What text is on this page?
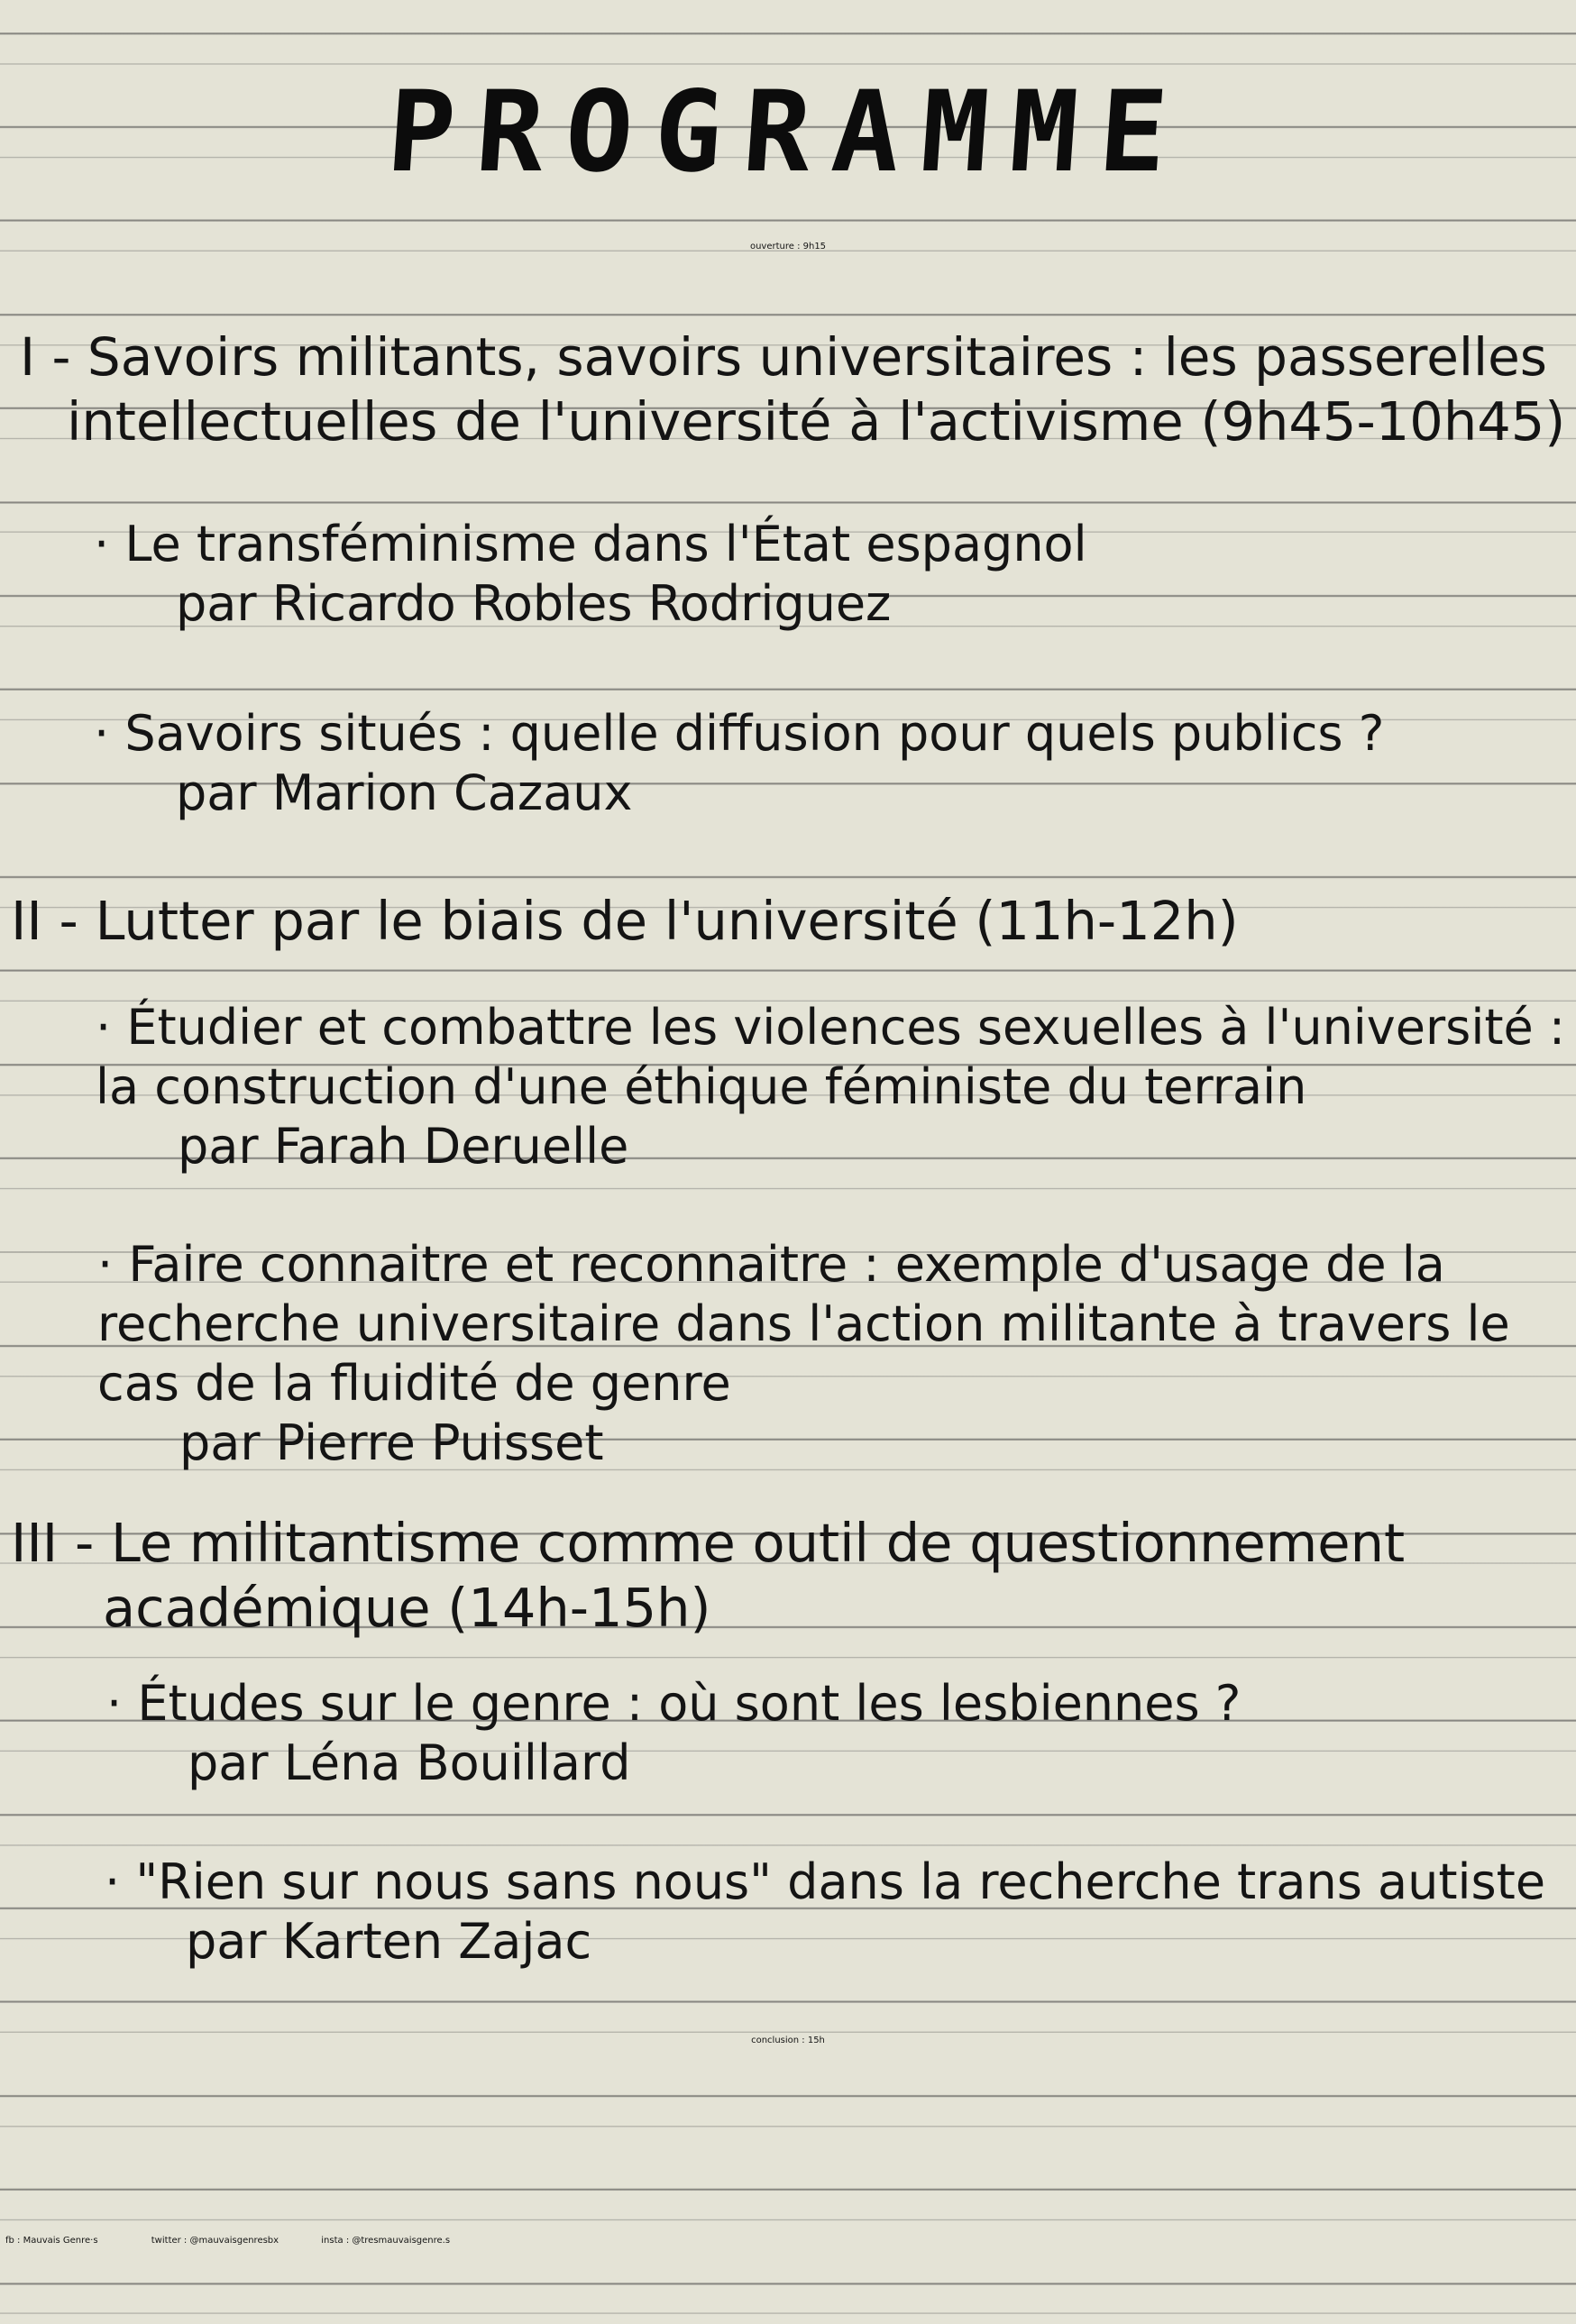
PROGRAMME
ouverture : 9h15
I - Savoirs militants, savoirs universitaires : les passerelles
intellectuelles de l'université à l'activisme (9h45-10h45)
· Le transféminisme dans l'État espagnol
par Ricardo Robles Rodriguez
· Savoirs situés : quelle diffusion pour quels publics ?
par Marion Cazaux
II - Lutter par le biais de l'université (11h-12h)
· Étudier et combattre les violences sexuelles à l'université :
la construction d'une éthique féministe du terrain
par Farah Deruelle
· Faire connaitre et reconnaitre : exemple d'usage de la
recherche universitaire dans l'action militante à travers le
cas de la fluidité de genre
par Pierre Puisset
III - Le militantisme comme outil de questionnement
académique (14h-15h)
· Études sur le genre : où sont les lesbiennes ?
par Léna Bouillard
· "Rien sur nous sans nous" dans la recherche trans autiste
par Karten Zajac
conclusion : 15h
fb : Mauvais Genre·s	twitter : @mauvaisgenresbx	insta : @tresmauvaisgenre.s
